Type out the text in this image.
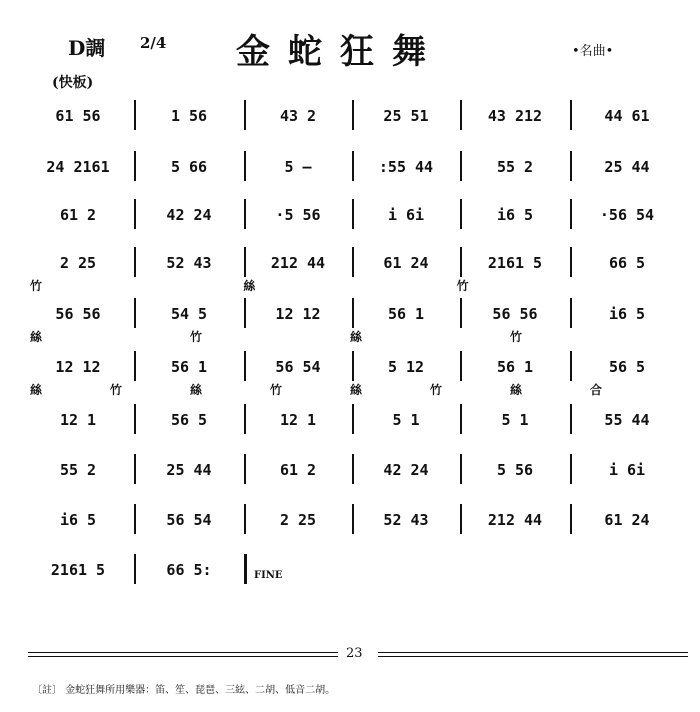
D調 2/4 金蛇狂舞	•名曲•
(快板)
61 56	1 56	43 2	25 51	43 212	44 61
24 2161	5 66	5 —	:55 44	55 2	25 44
61 2	42 24	·5 56	i 6i	i6 5	·56 54
2 25	52 43	212 44	61 24	2161 5	66 5
竹	絲	竹
56 56	54 5	12 12	56 1	56 56	i6 5
絲	竹	絲	竹
12 12	56 1	56 54	5 12	56 1	56 5
絲	竹	絲	竹	絲	竹	絲	合
12 1	56 5	12 1	5 1	5 1	55 44
55 2	25 44	61 2	42 24	5 56	i 6i
i6 5	56 54	2 25	52 43	212 44	61 24
2161 5	66 5:	FINE
23
〔註〕 金蛇狂舞所用樂器：笛、笙、琵琶、三絃、二胡、低音二胡。
